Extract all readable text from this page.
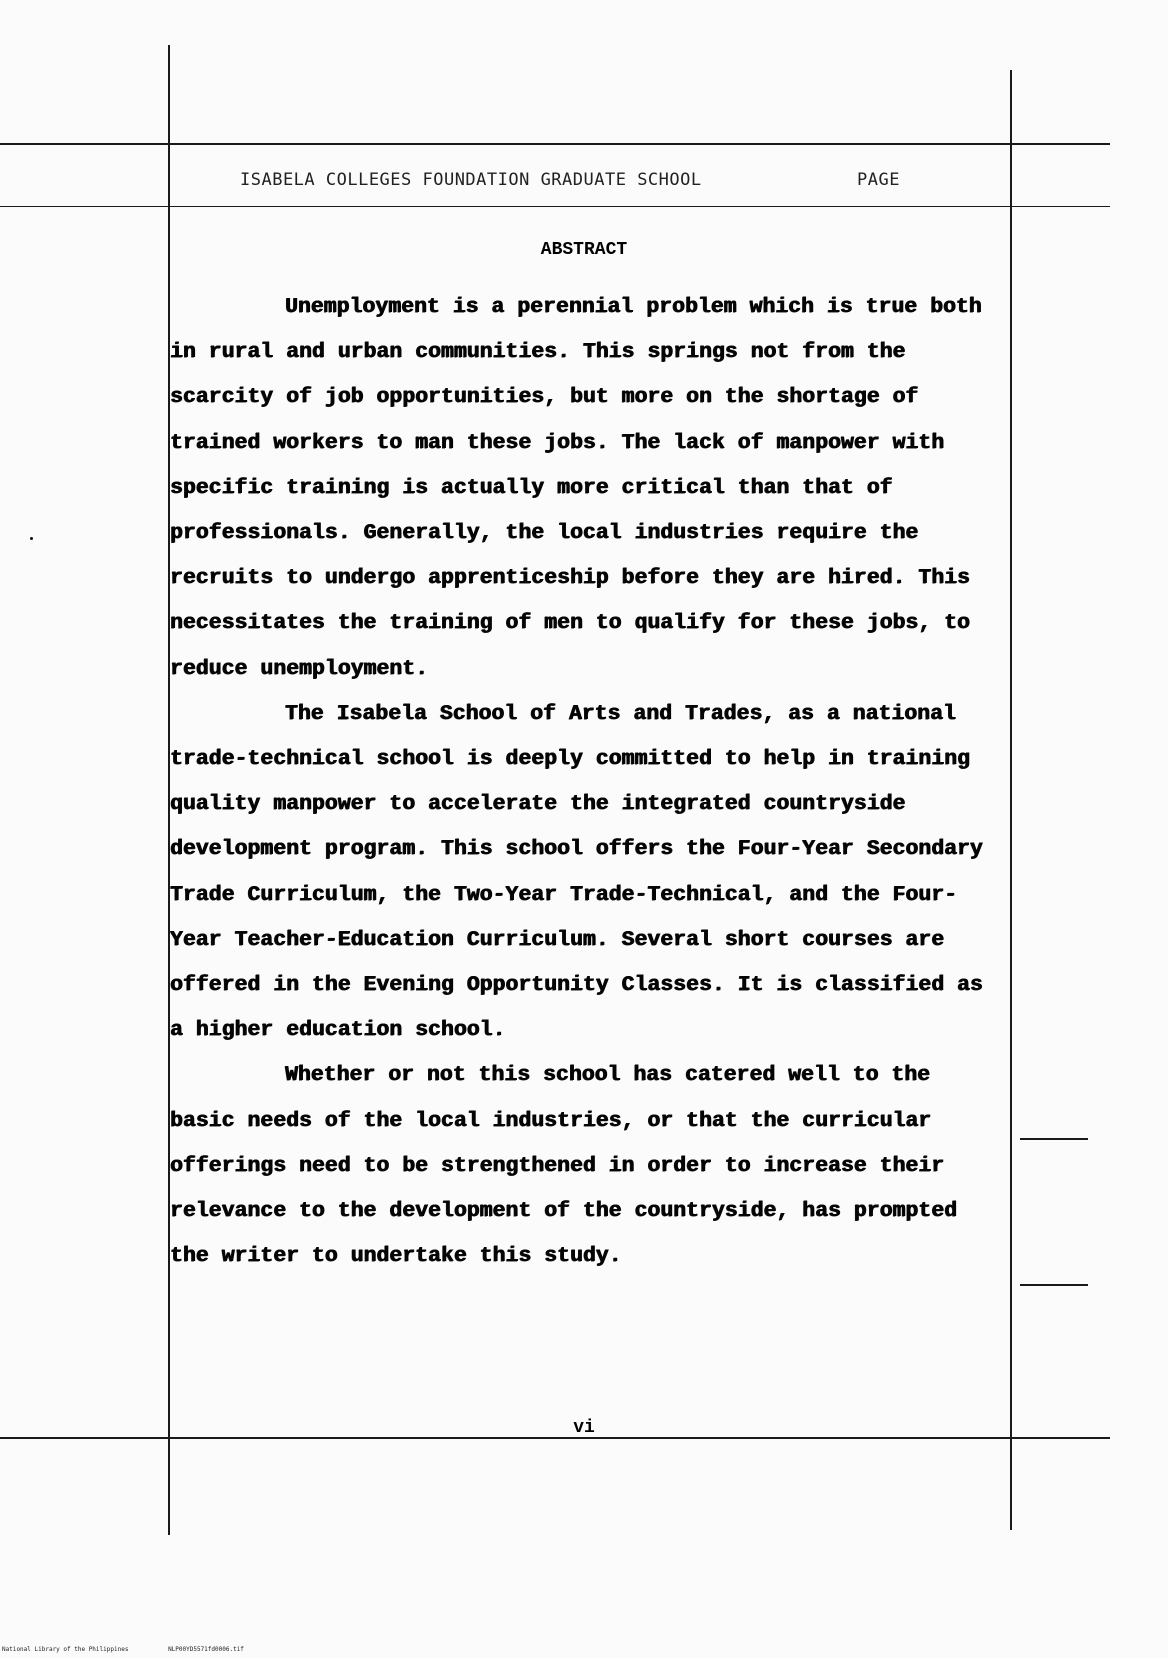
ISABELA COLLEGES FOUNDATION GRADUATE SCHOOL	PAGE
ABSTRACT

Unemployment is a perennial problem which is true both in rural and urban communities. This springs not from the scarcity of job opportunities, but more on the shortage of trained workers to man these jobs. The lack of manpower with specific training is actually more critical than that of professionals. Generally, the local industries require the recruits to undergo apprenticeship before they are hired. This necessitates the training of men to qualify for these jobs, to reduce unemployment.

The Isabela School of Arts and Trades, as a national trade-technical school is deeply committed to help in training quality manpower to accelerate the integrated countryside development program. This school offers the Four-Year Secondary Trade Curriculum, the Two-Year Trade-Technical, and the Four-Year Teacher-Education Curriculum. Several short courses are offered in the Evening Opportunity Classes. It is classified as a higher education school.

Whether or not this school has catered well to the basic needs of the local industries, or that the curricular offerings need to be strengthened in order to increase their relevance to the development of the countryside, has prompted the writer to undertake this study.

vi
National Library of the Philippines	NLP00YD5571fd0006.tif
